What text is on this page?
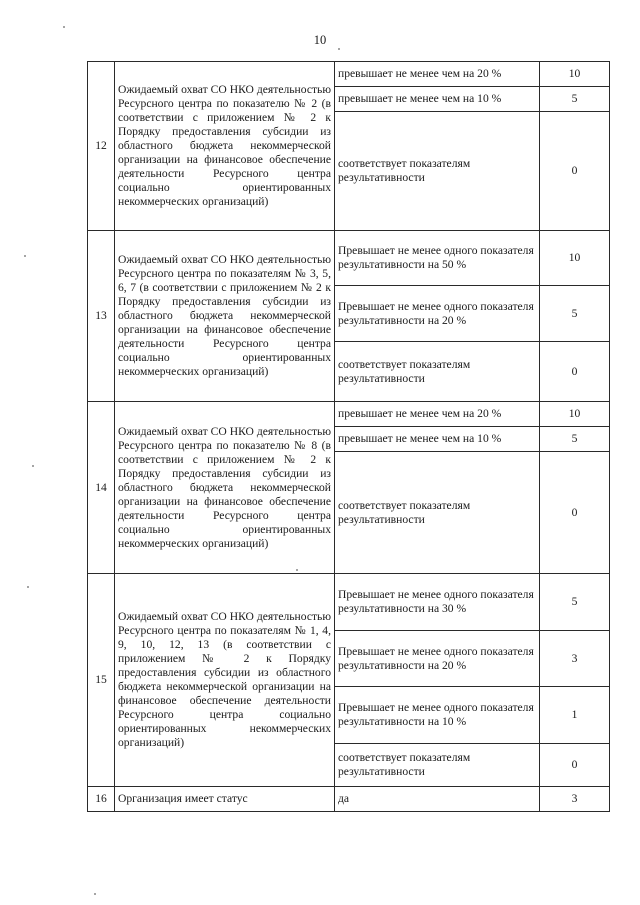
10
12	Ожидаемый охват СО НКО деятельностью Ресурсного центра по показателю № 2 (в соответствии с приложением № 2 к Порядку предоставления субсидии из областного бюджета некоммерческой организации на финансовое обеспечение деятельности Ресурсного центра социально ориентированных некоммерческих организаций)	превышает не менее чем на 20 %	10
		превышает не менее чем на 10 %	5
		соответствует показателям результативности	0
13	Ожидаемый охват СО НКО деятельностью Ресурсного центра по показателям № 3, 5, 6, 7 (в соответствии с приложением № 2 к Порядку предоставления субсидии из областного бюджета некоммерческой организации на финансовое обеспечение деятельности Ресурсного центра социально ориентированных некоммерческих организаций)	Превышает не менее одного показателя результативности на 50 %	10
		Превышает не менее одного показателя результативности на 20 %	5
		соответствует показателям результативности	0
14	Ожидаемый охват СО НКО деятельностью Ресурсного центра по показателю № 8 (в соответствии с приложением № 2 к Порядку предоставления субсидии из областного бюджета некоммерческой организации на финансовое обеспечение деятельности Ресурсного центра социально ориентированных некоммерческих организаций)	превышает не менее чем на 20 %	10
		превышает не менее чем на 10 %	5
		соответствует показателям результативности	0
15	Ожидаемый охват СО НКО деятельностью Ресурсного центра по показателям № 1, 4, 9, 10, 12, 13 (в соответствии с приложением № 2 к Порядку предоставления субсидии из областного бюджета некоммерческой организации на финансовое обеспечение деятельности Ресурсного центра социально ориентированных некоммерческих организаций)	Превышает не менее одного показателя результативности на 30 %	5
		Превышает не менее одного показателя результативности на 20 %	3
		Превышает не менее одного показателя результативности на 10 %	1
		соответствует показателям результативности	0
16	Организация имеет статус	да	3
